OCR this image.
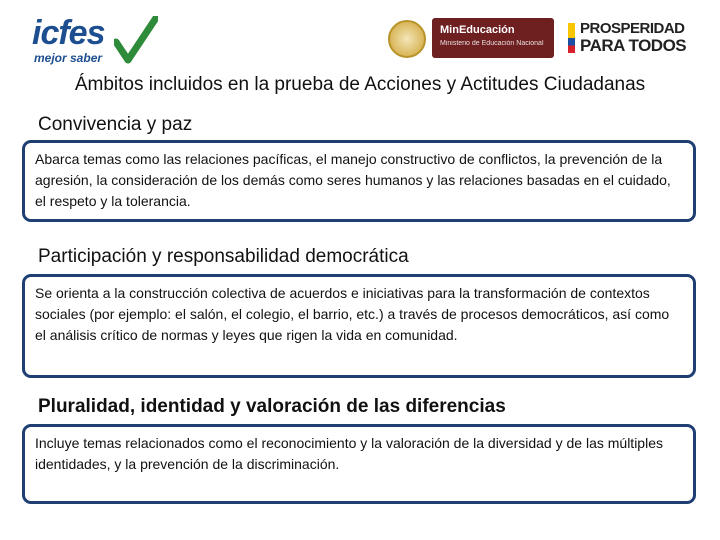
icfes
mejor saber
MinEducación
Ministerio de Educación Nacional
PROSPERIDAD
PARA TODOS
Ámbitos incluidos en la prueba de Acciones y Actitudes Ciudadanas
Convivencia y paz
Abarca temas como las relaciones pacíficas, el manejo constructivo de conflictos, la prevención de la agresión, la consideración de los demás como seres humanos y las relaciones basadas en el cuidado, el respeto y la tolerancia.
Participación y responsabilidad democrática
Se orienta a la construcción colectiva de acuerdos e iniciativas para la transformación de contextos sociales (por ejemplo: el salón, el colegio, el barrio, etc.) a través de procesos democráticos, así como el análisis crítico de normas y leyes que rigen la vida en comunidad.
Pluralidad, identidad y valoración de las diferencias
Incluye temas relacionados como el reconocimiento y la valoración de la diversidad y de las múltiples identidades, y la prevención de la discriminación.
